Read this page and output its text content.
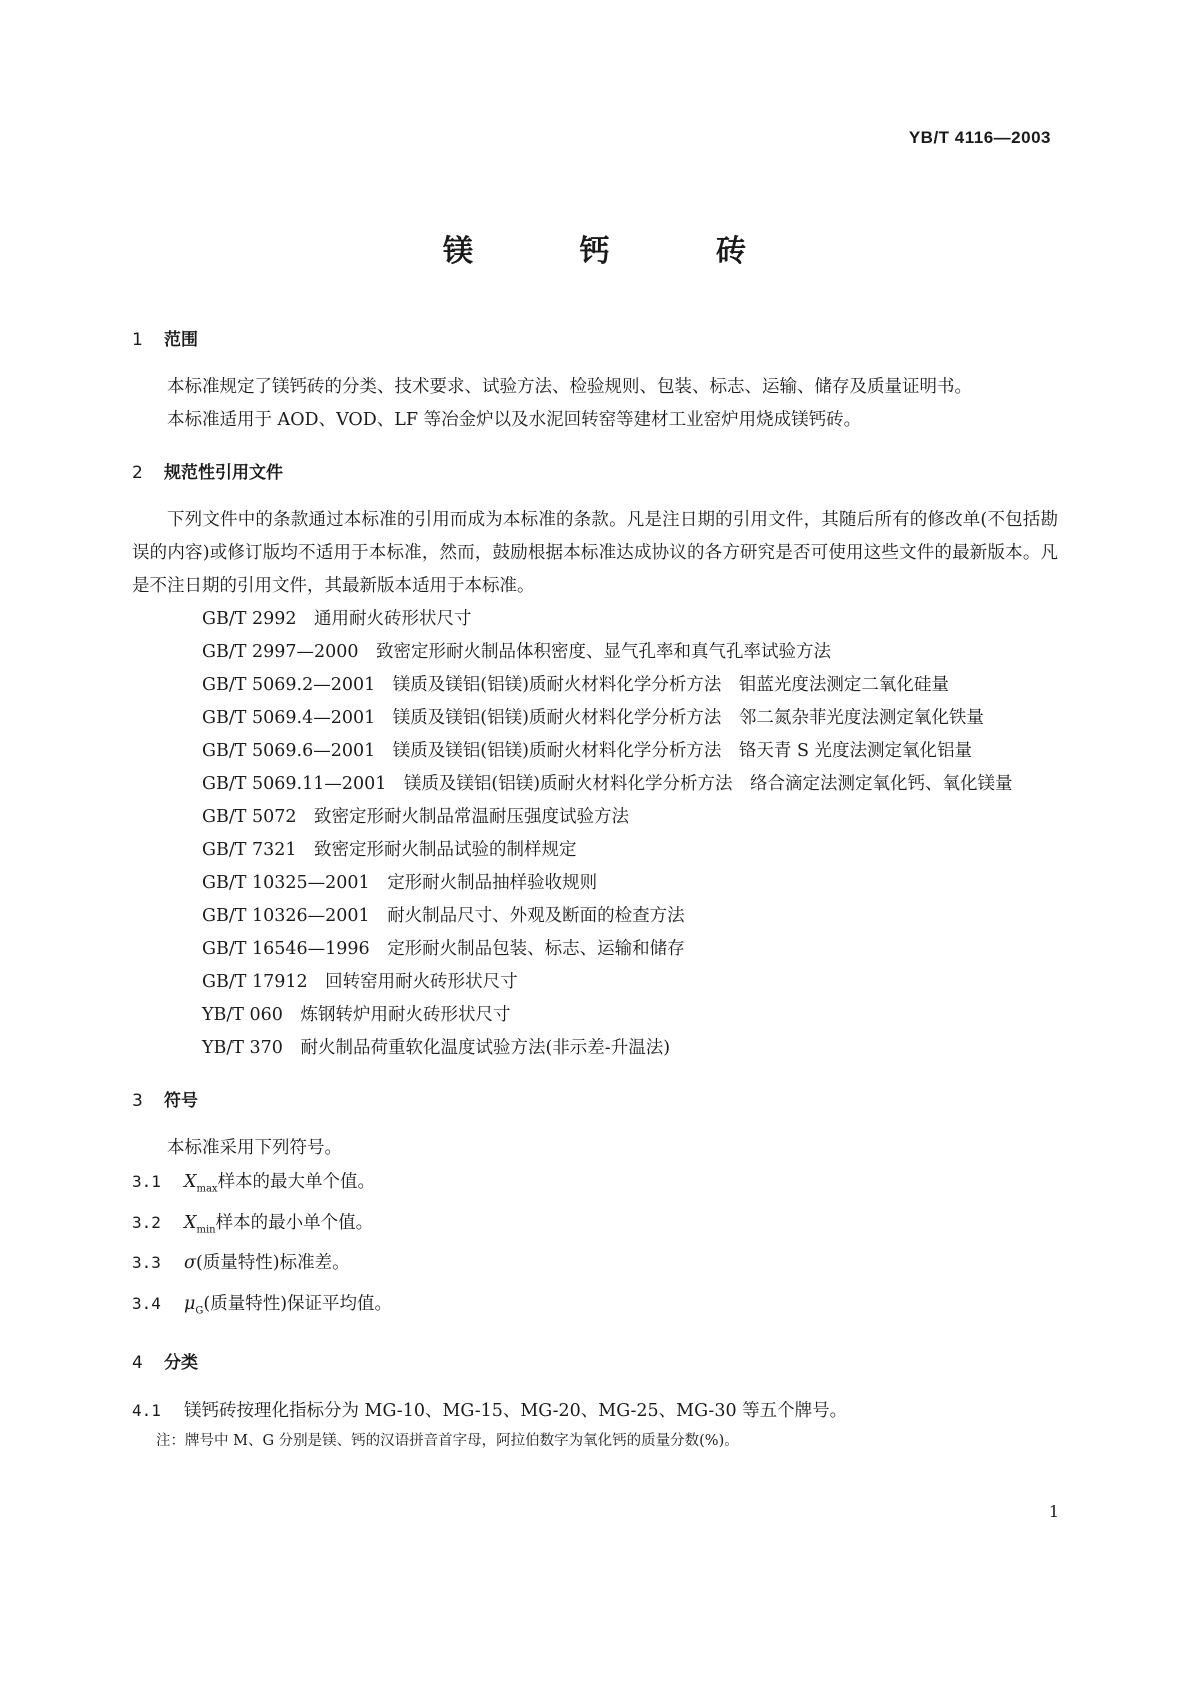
YB/T 4116—2003
镁	钙	砖

1 范围

本标准规定了镁钙砖的分类、技术要求、试验方法、检验规则、包装、标志、运输、储存及质量证明书。

本标准适用于 AOD、VOD、LF 等冶金炉以及水泥回转窑等建材工业窑炉用烧成镁钙砖。

2 规范性引用文件

下列文件中的条款通过本标准的引用而成为本标准的条款。凡是注日期的引用文件，其随后所有的修改单(不包括勘误的内容)或修订版均不适用于本标准，然而，鼓励根据本标准达成协议的各方研究是否可使用这些文件的最新版本。凡是不注日期的引用文件，其最新版本适用于本标准。

GB/T 2992 通用耐火砖形状尺寸

GB/T 2997—2000 致密定形耐火制品体积密度、显气孔率和真气孔率试验方法

GB/T 5069.2—2001 镁质及镁铝(铝镁)质耐火材料化学分析方法　钼蓝光度法测定二氧化硅量

GB/T 5069.4—2001 镁质及镁铝(铝镁)质耐火材料化学分析方法　邻二氮杂菲光度法测定氧化铁量

GB/T 5069.6—2001 镁质及镁铝(铝镁)质耐火材料化学分析方法　铬天青 S 光度法测定氧化铝量

GB/T 5069.11—2001 镁质及镁铝(铝镁)质耐火材料化学分析方法　络合滴定法测定氧化钙、氧化镁量

GB/T 5072 致密定形耐火制品常温耐压强度试验方法

GB/T 7321 致密定形耐火制品试验的制样规定

GB/T 10325—2001 定形耐火制品抽样验收规则

GB/T 10326—2001 耐火制品尺寸、外观及断面的检查方法

GB/T 16546—1996 定形耐火制品包装、标志、运输和储存

GB/T 17912 回转窑用耐火砖形状尺寸

YB/T 060 炼钢转炉用耐火砖形状尺寸

YB/T 370 耐火制品荷重软化温度试验方法(非示差-升温法)

3 符号

本标准采用下列符号。

3.1 $X_{max}$样本的最大单个值。

3.2 $X_{min}$样本的最小单个值。

3.3 σ(质量特性)标准差。

3.4 $\mu_G$(质量特性)保证平均值。

4 分类

4.1 镁钙砖按理化指标分为 MG-10、MG-15、MG-20、MG-25、MG-30 等五个牌号。

注：牌号中 M、G 分别是镁、钙的汉语拼音首字母，阿拉伯数字为氧化钙的质量分数(%)。

1
